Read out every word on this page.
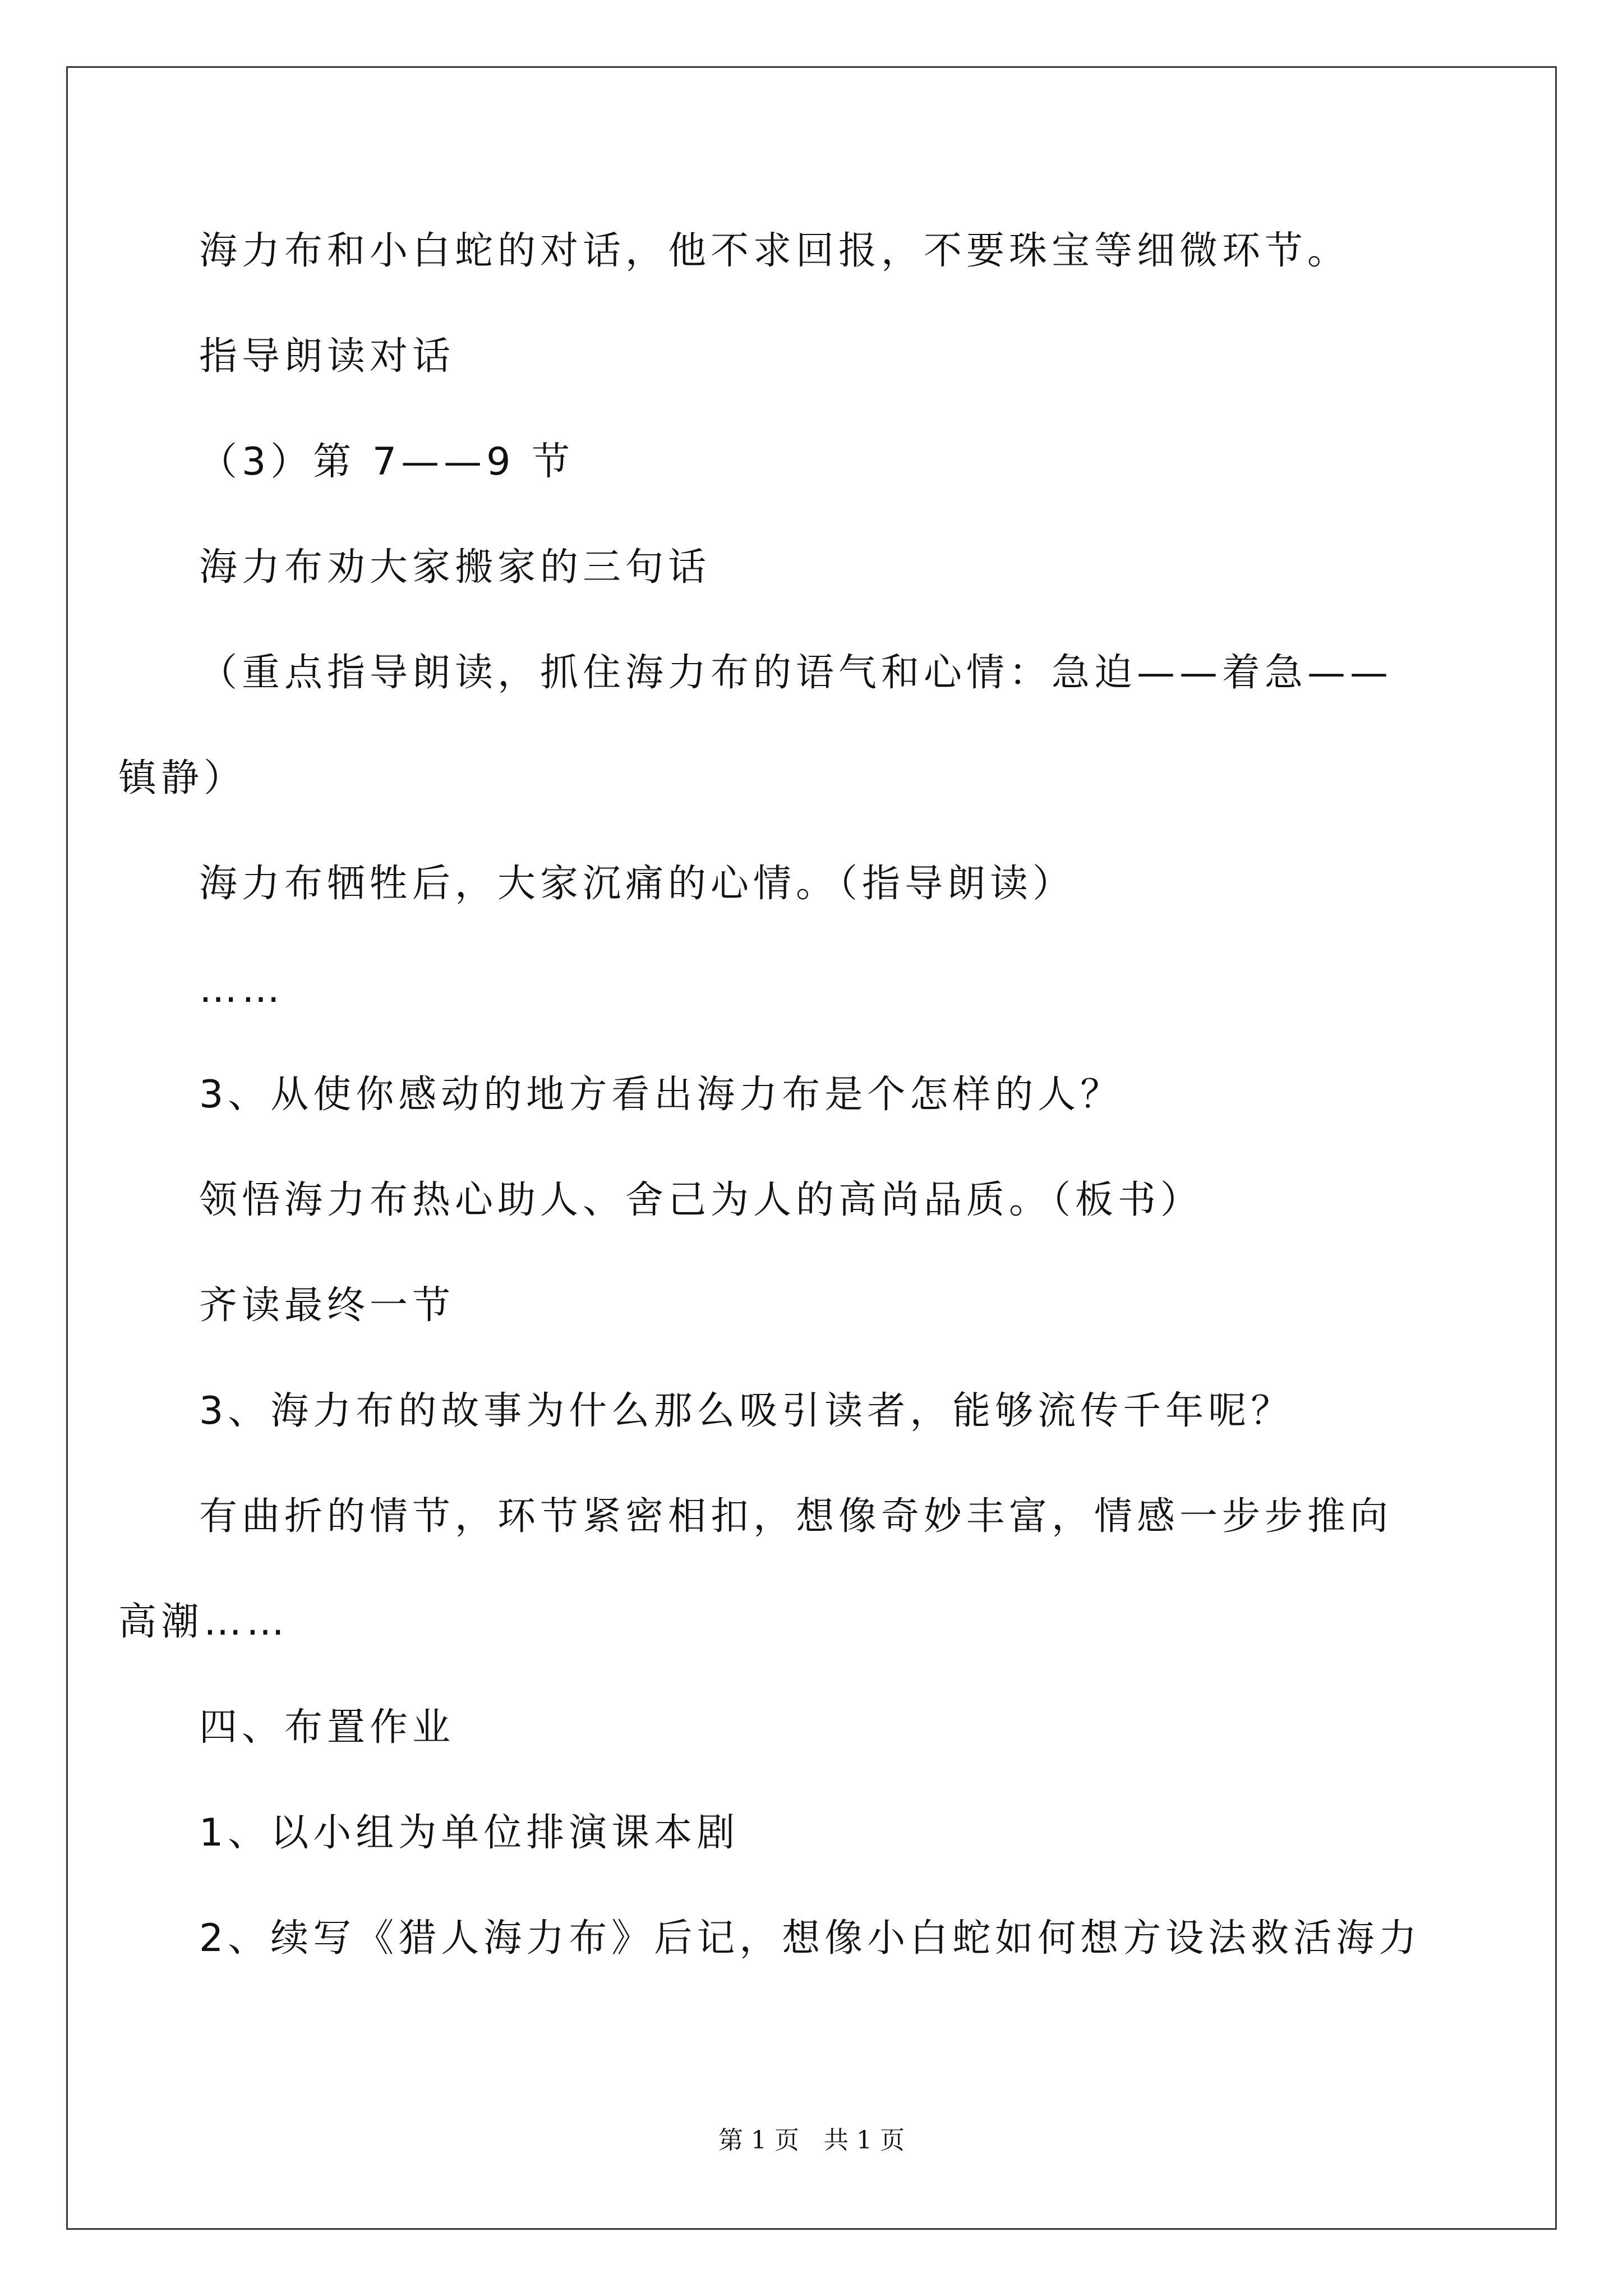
海力布和小白蛇的对话，他不求回报，不要珠宝等细微环节。
指导朗读对话
（3）第 7——9 节
海力布劝大家搬家的三句话
（重点指导朗读，抓住海力布的语气和心情：急迫——着急——
镇静）
海力布牺牲后，大家沉痛的心情。（指导朗读）
……
3、从使你感动的地方看出海力布是个怎样的人？
领悟海力布热心助人、舍己为人的高尚品质。（板书）
齐读最终一节
3、海力布的故事为什么那么吸引读者，能够流传千年呢？
有曲折的情节，环节紧密相扣，想像奇妙丰富，情感一步步推向
高潮……
四、布置作业
1、以小组为单位排演课本剧
2、续写《猎人海力布》后记，想像小白蛇如何想方设法救活海力
第 1 页　共 1 页
